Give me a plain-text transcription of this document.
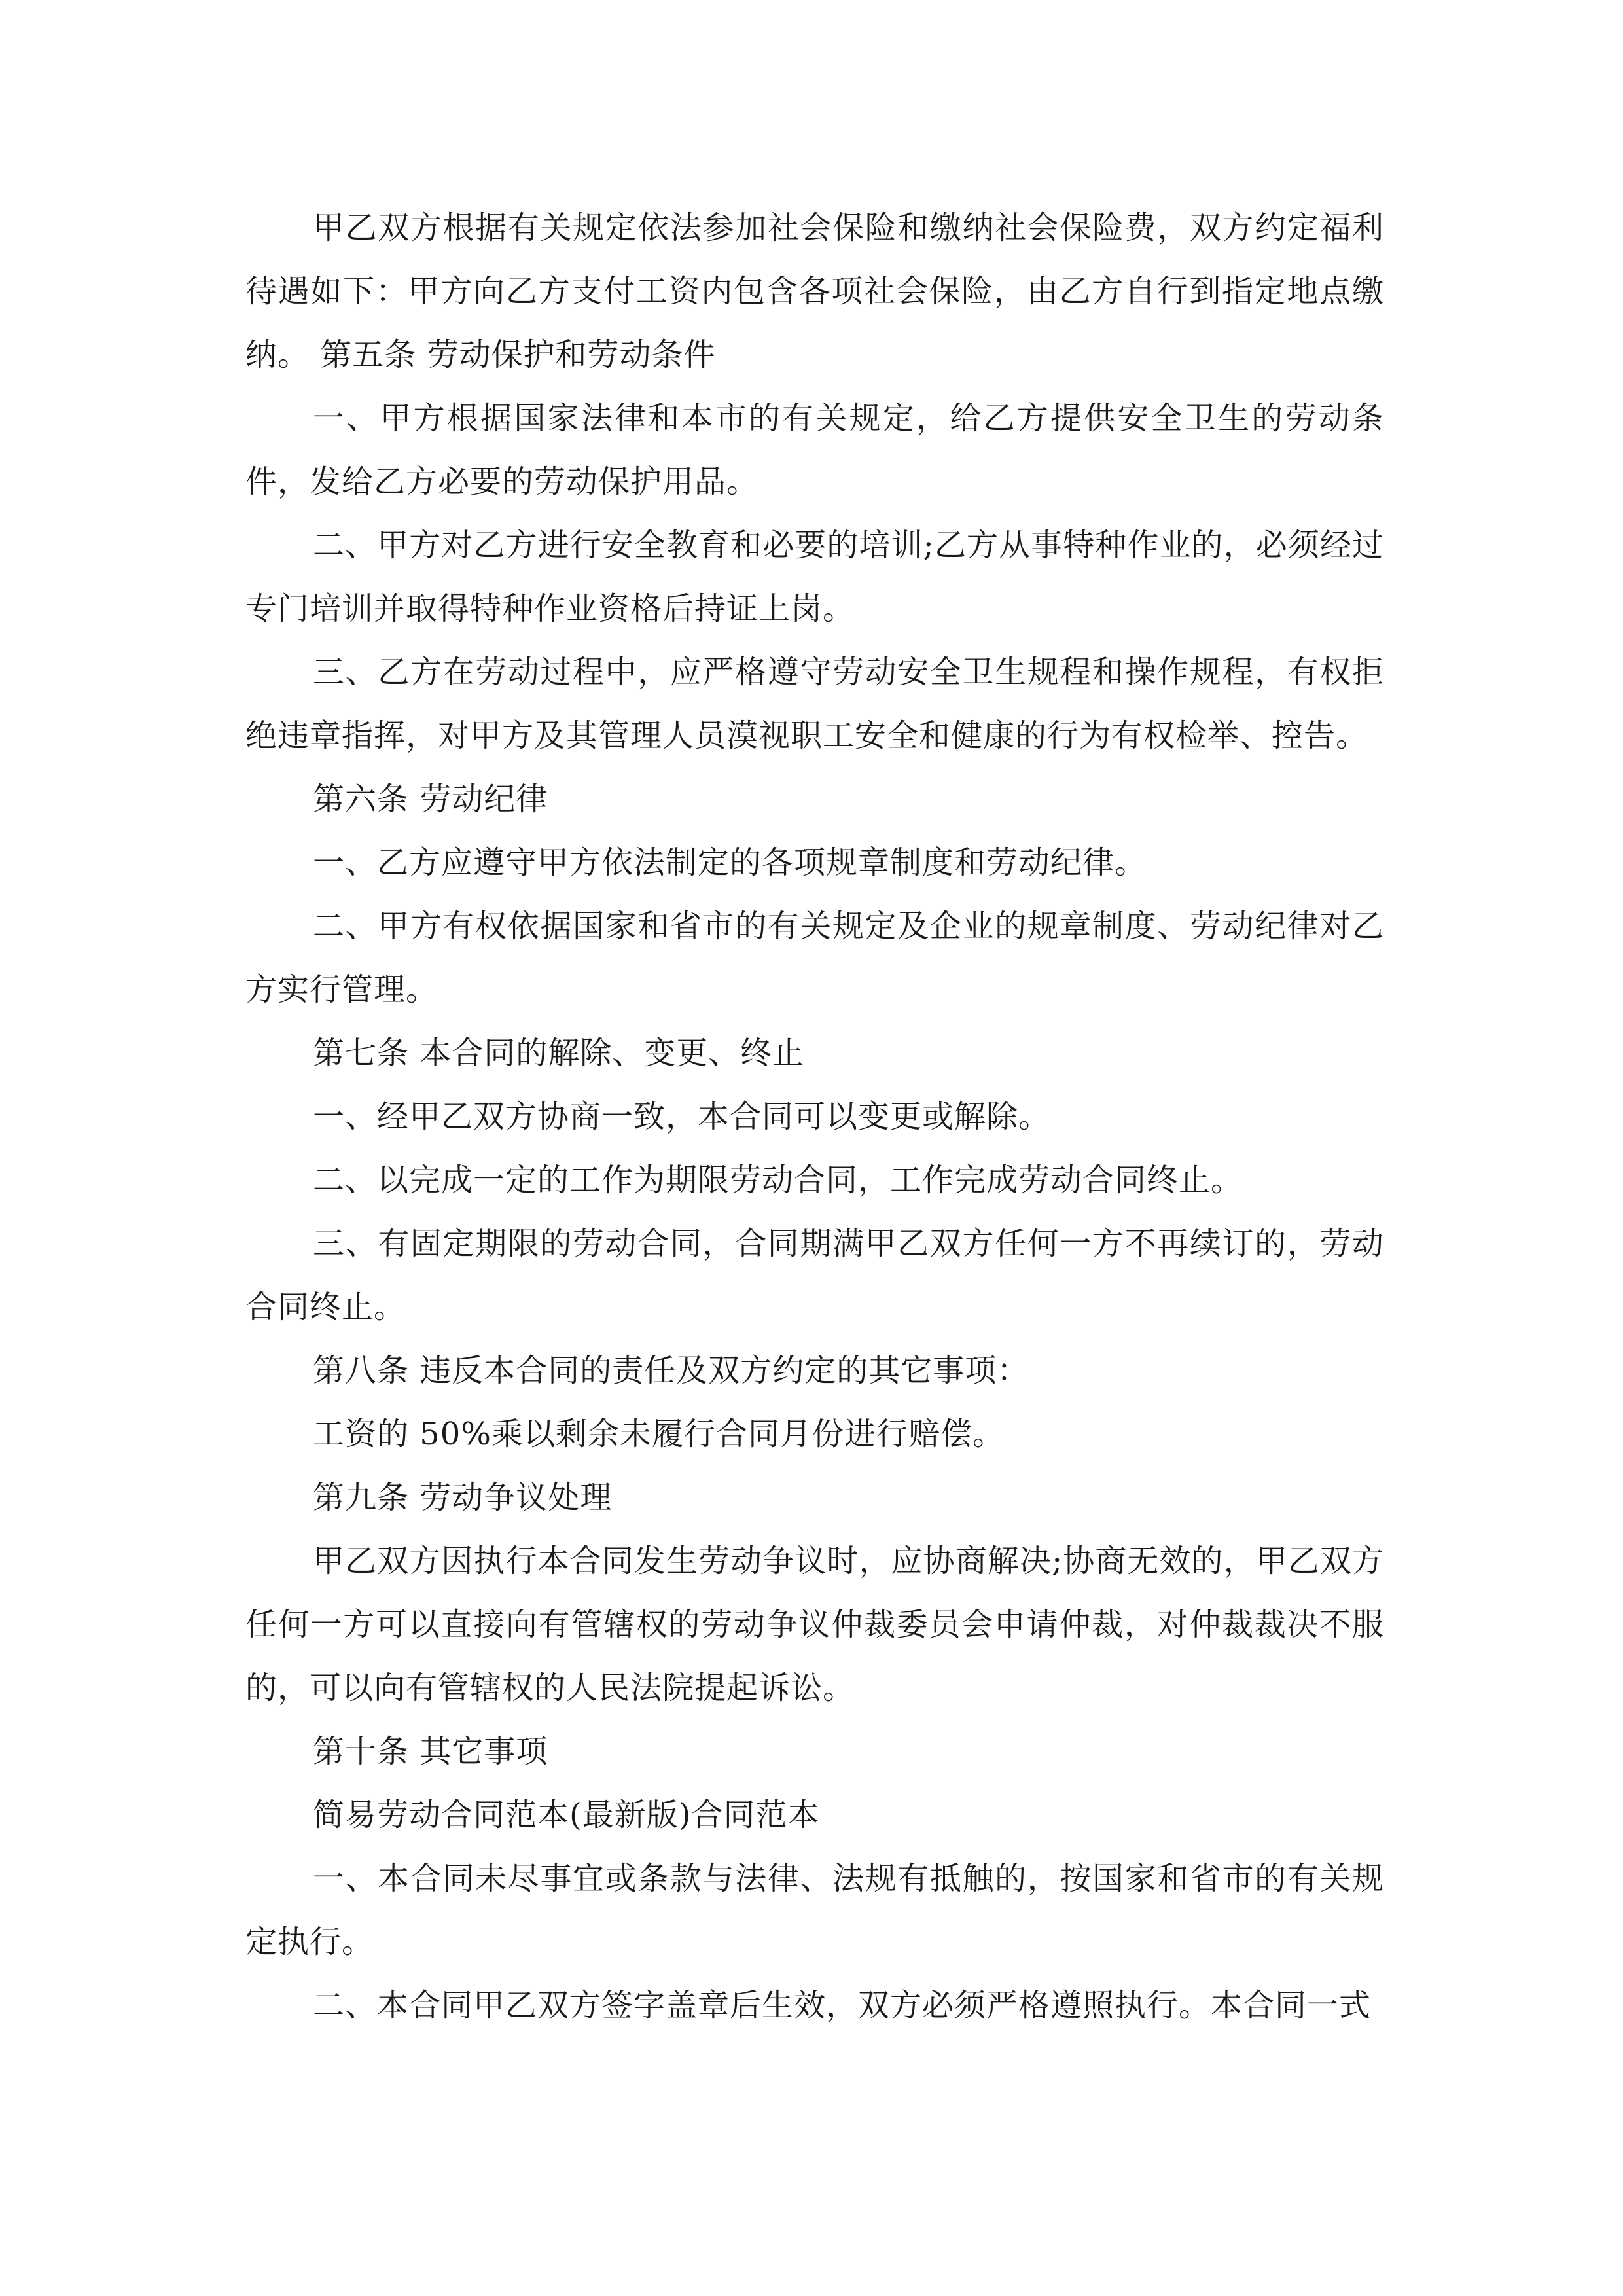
甲乙双方根据有关规定依法参加社会保险和缴纳社会保险费，双方约定福利待遇如下：甲方向乙方支付工资内包含各项社会保险，由乙方自行到指定地点缴纳。 第五条 劳动保护和劳动条件

一、甲方根据国家法律和本市的有关规定，给乙方提供安全卫生的劳动条件，发给乙方必要的劳动保护用品。

二、甲方对乙方进行安全教育和必要的培训;乙方从事特种作业的，必须经过专门培训并取得特种作业资格后持证上岗。

三、乙方在劳动过程中，应严格遵守劳动安全卫生规程和操作规程，有权拒绝违章指挥，对甲方及其管理人员漠视职工安全和健康的行为有权检举、控告。

第六条 劳动纪律

一、乙方应遵守甲方依法制定的各项规章制度和劳动纪律。

二、甲方有权依据国家和省市的有关规定及企业的规章制度、劳动纪律对乙方实行管理。

第七条 本合同的解除、变更、终止

一、经甲乙双方协商一致，本合同可以变更或解除。

二、以完成一定的工作为期限劳动合同，工作完成劳动合同终止。

三、有固定期限的劳动合同，合同期满甲乙双方任何一方不再续订的，劳动合同终止。

第八条 违反本合同的责任及双方约定的其它事项：

工资的 50%乘以剩余未履行合同月份进行赔偿。

第九条 劳动争议处理

甲乙双方因执行本合同发生劳动争议时，应协商解决;协商无效的，甲乙双方任何一方可以直接向有管辖权的劳动争议仲裁委员会申请仲裁，对仲裁裁决不服的，可以向有管辖权的人民法院提起诉讼。

第十条 其它事项

简易劳动合同范本(最新版)合同范本

一、本合同未尽事宜或条款与法律、法规有抵触的，按国家和省市的有关规定执行。

二、本合同甲乙双方签字盖章后生效，双方必须严格遵照执行。本合同一式
